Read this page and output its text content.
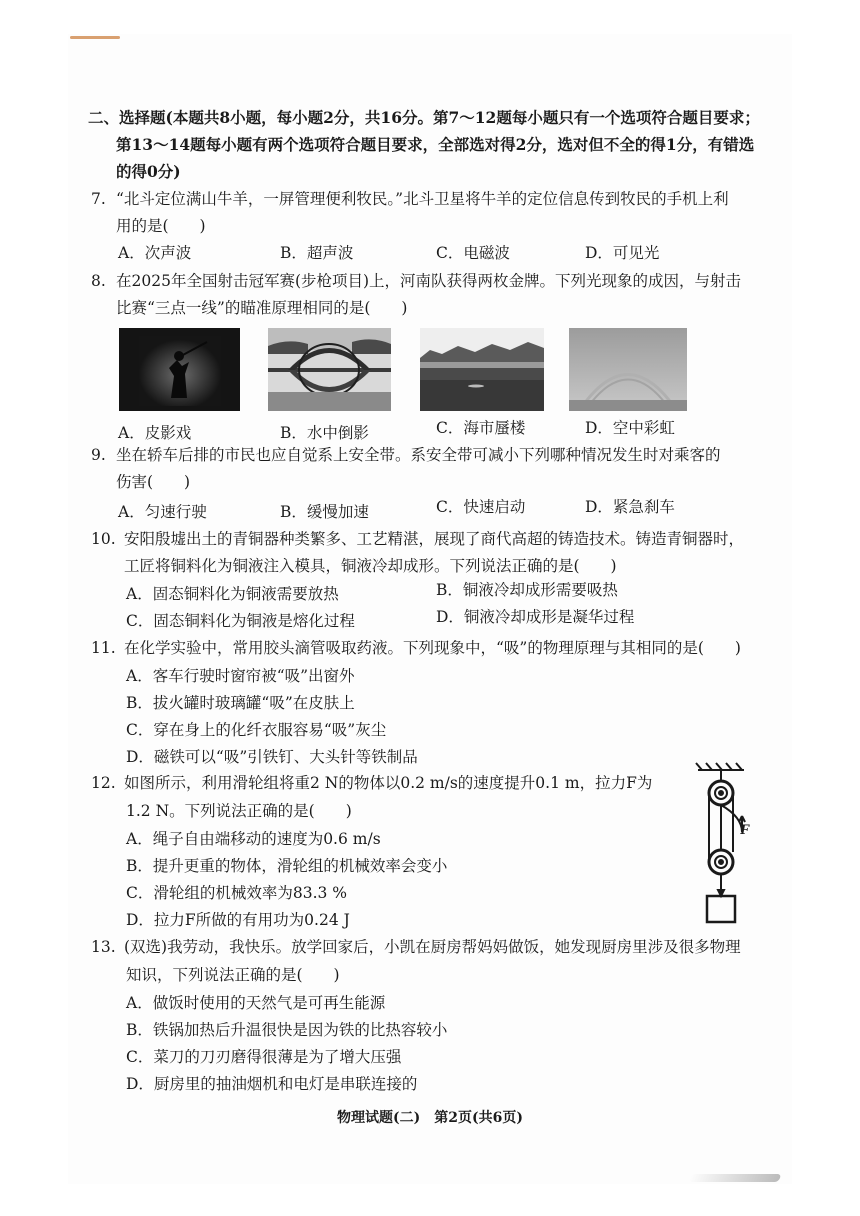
二、选择题(本题共8小题，每小题2分，共16分。第7～12题每小题只有一个选项符合题目要求；
第13～14题每小题有两个选项符合题目要求，全部选对得2分，选对但不全的得1分，有错选
的得0分)
7. “北斗定位满山牛羊，一屏管理便利牧民。”北斗卫星将牛羊的定位信息传到牧民的手机上利
用的是(　　)
A．次声波	B．超声波	C．电磁波	D．可见光
8. 在2025年全国射击冠军赛(步枪项目)上，河南队获得两枚金牌。下列光现象的成因，与射击
比赛“三点一线”的瞄准原理相同的是(　　)
A．皮影戏	B．水中倒影	C．海市蜃楼	D．空中彩虹
9. 坐在轿车后排的市民也应自觉系上安全带。系安全带可减小下列哪种情况发生时对乘客的
伤害(　　)
A．匀速行驶	B．缓慢加速	C．快速启动	D．紧急刹车
10. 安阳殷墟出土的青铜器种类繁多、工艺精湛，展现了商代高超的铸造技术。铸造青铜器时，
工匠将铜料化为铜液注入模具，铜液冷却成形。下列说法正确的是(　　)
A．固态铜料化为铜液需要放热	B．铜液冷却成形需要吸热
C．固态铜料化为铜液是熔化过程	D．铜液冷却成形是凝华过程
11. 在化学实验中，常用胶头滴管吸取药液。下列现象中，“吸”的物理原理与其相同的是(　　)
A．客车行驶时窗帘被“吸”出窗外
B．拔火罐时玻璃罐“吸”在皮肤上
C．穿在身上的化纤衣服容易“吸”灰尘
D．磁铁可以“吸”引铁钉、大头针等铁制品
12. 如图所示，利用滑轮组将重2 N的物体以0.2 m/s的速度提升0.1 m，拉力F为
1.2 N。下列说法正确的是(　　)
A．绳子自由端移动的速度为0.6 m/s
B．提升更重的物体，滑轮组的机械效率会变小
C．滑轮组的机械效率为83.3 %
D．拉力F所做的有用功为0.24 J
F
13. (双选)我劳动，我快乐。放学回家后，小凯在厨房帮妈妈做饭，她发现厨房里涉及很多物理
知识，下列说法正确的是(　　)
A．做饭时使用的天然气是可再生能源
B．铁锅加热后升温很快是因为铁的比热容较小
C．菜刀的刀刃磨得很薄是为了增大压强
D．厨房里的抽油烟机和电灯是串联连接的
物理试题(二)　第2页(共6页)
